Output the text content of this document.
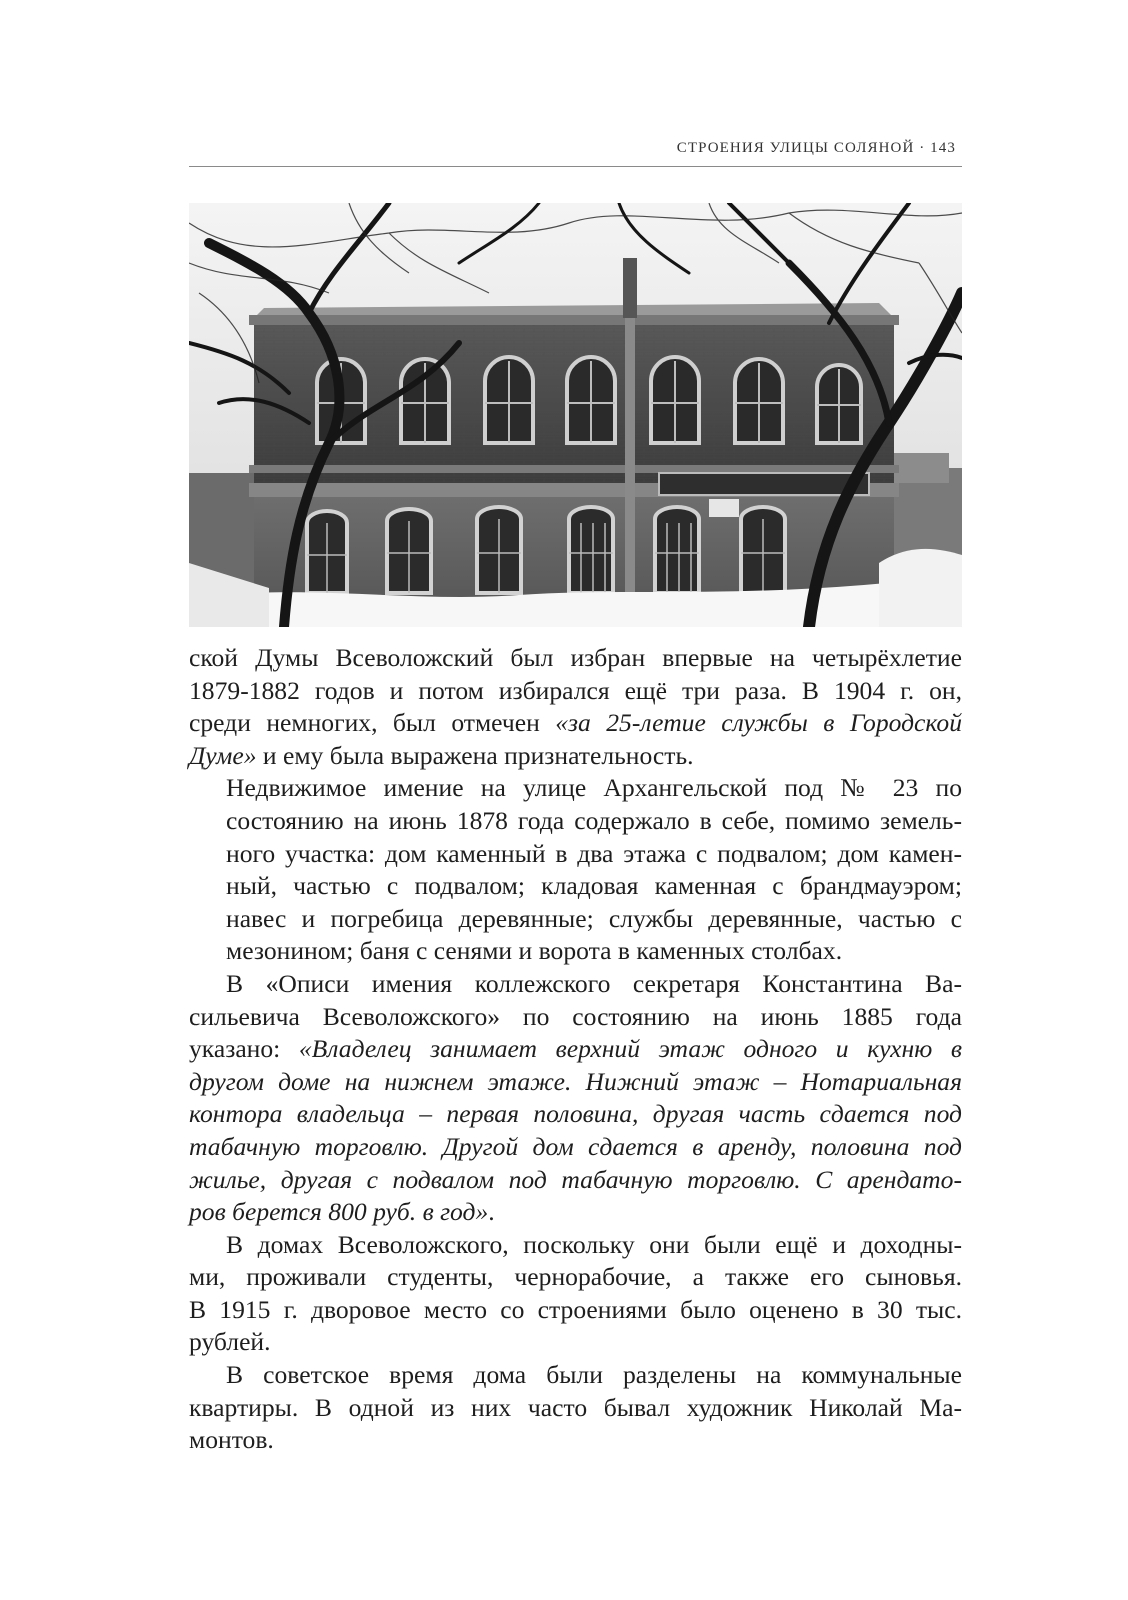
СТРОЕНИЯ УЛИЦЫ СОЛЯНОЙ · 143

ской Думы Всеволожский был избран впервые на четырёхлетие
1879-1882 годов и потом избирался ещё три раза. В 1904 г. он,
среди немногих, был отмечен «за 25-летие службы в Городской
Думе» и ему была выражена признательность.

Недвижимое имение на улице Архангельской под № 23 по
состоянию на июнь 1878 года содержало в себе, помимо земель-
ного участка: дом каменный в два этажа с подвалом; дом камен-
ный, частью с подвалом; кладовая каменная с брандмауэром;
навес и погребица деревянные; службы деревянные, частью с
мезонином; баня с сенями и ворота в каменных столбах.

В «Описи имения коллежского секретаря Константина Ва-
сильевича Всеволожского» по состоянию на июнь 1885 года
указано: «Владелец занимает верхний этаж одного и кухню в
другом доме на нижнем этаже. Нижний этаж – Нотариальная
контора владельца – первая половина, другая часть сдается под
табачную торговлю. Другой дом сдается в аренду, половина под
жилье, другая с подвалом под табачную торговлю. С арендато-
ров берется 800 руб. в год».

В домах Всеволожского, поскольку они были ещё и доходны-
ми, проживали студенты, чернорабочие, а также его сыновья.
В 1915 г. дворовое место со строениями было оценено в 30 тыс.
рублей.

В советское время дома были разделены на коммунальные
квартиры. В одной из них часто бывал художник Николай Ма-
монтов.
